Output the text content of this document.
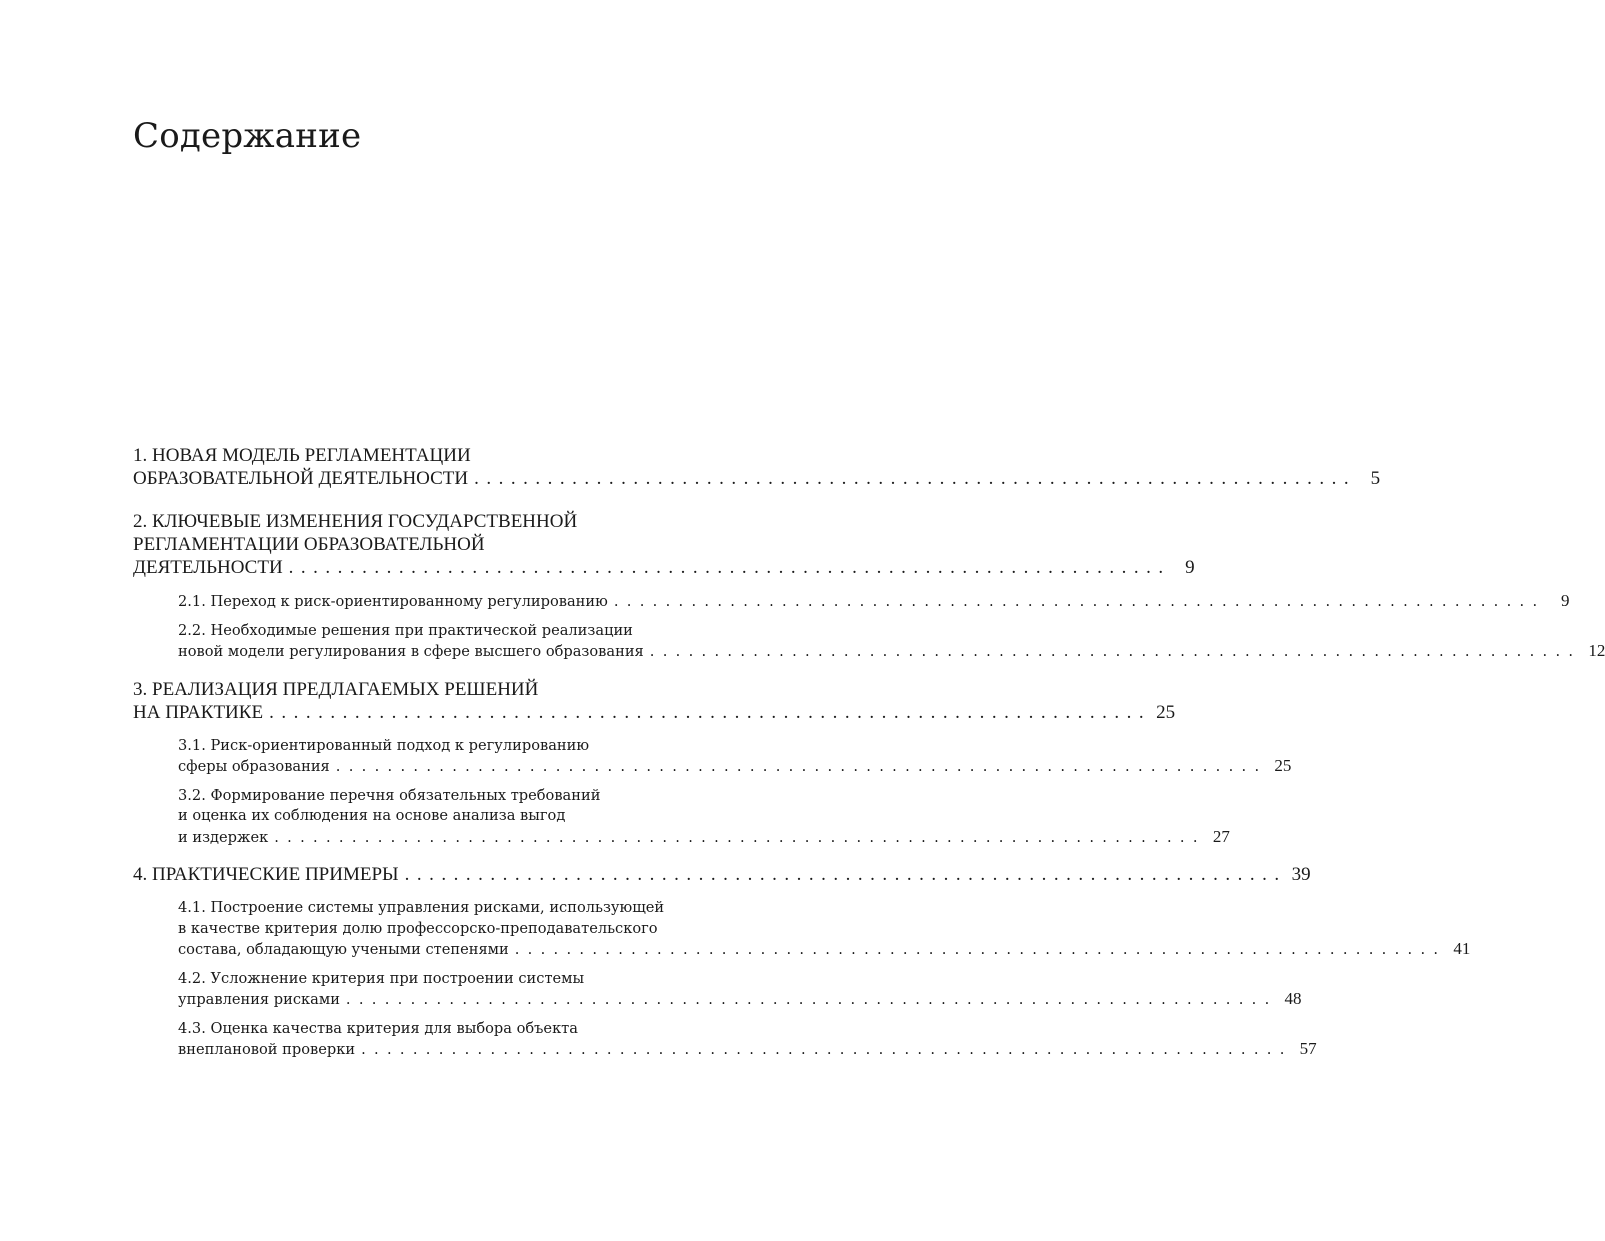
Содержание
1. НОВАЯ МОДЕЛЬ РЕГЛАМЕНТАЦИИ
ОБРАЗОВАТЕЛЬНОЙ ДЕЯТЕЛЬНОСТИ ........................................................................ 5
2. КЛЮЧЕВЫЕ ИЗМЕНЕНИЯ ГОСУДАРСТВЕННОЙ
РЕГЛАМЕНТАЦИИ ОБРАЗОВАТЕЛЬНОЙ
ДЕЯТЕЛЬНОСТИ ........................................................................ 9
2.1. Переход к риск-ориентированному регулированию ........................................................................ 9
2.2. Необходимые решения при практической реализации
новой модели регулирования в сфере высшего образования ........................................................................ 12
3. РЕАЛИЗАЦИЯ ПРЕДЛАГАЕМЫХ РЕШЕНИЙ
НА ПРАКТИКЕ ........................................................................ 25
3.1. Риск-ориентированный подход к регулированию
сферы образования ........................................................................ 25
3.2. Формирование перечня обязательных требований
и оценка их соблюдения на основе анализа выгод
и издержек ........................................................................ 27
4. ПРАКТИЧЕСКИЕ ПРИМЕРЫ ........................................................................ 39
4.1. Построение системы управления рисками, использующей
в качестве критерия долю профессорско-преподавательского
состава, обладающую учеными степенями ........................................................................ 41
4.2. Усложнение критерия при построении системы
управления рисками ........................................................................ 48
4.3. Оценка качества критерия для выбора объекта
внеплановой проверки ........................................................................ 57
